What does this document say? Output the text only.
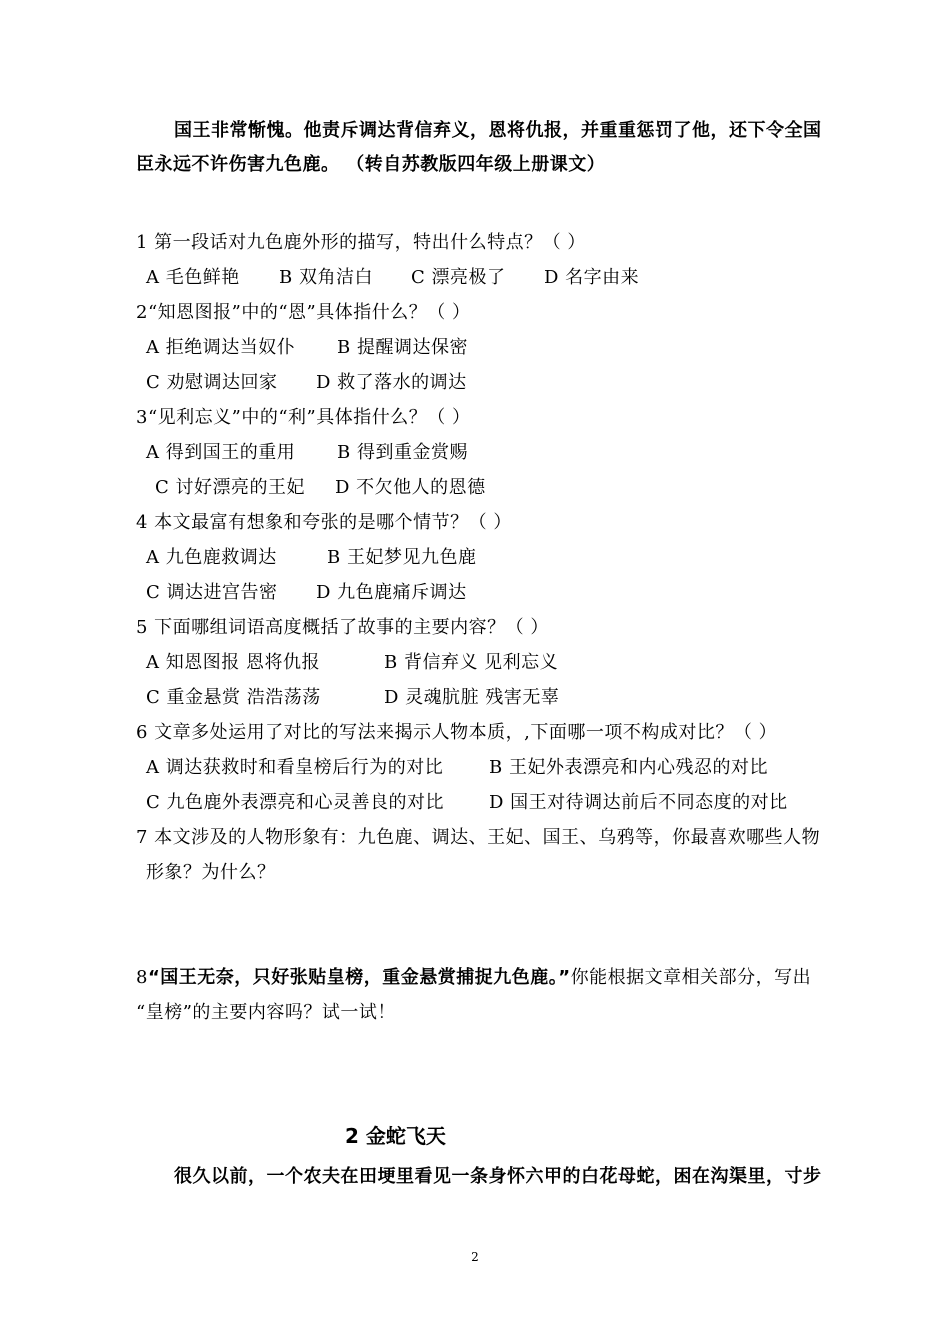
国王非常惭愧。他责斥调达背信弃义，恩将仇报，并重重惩罚了他，还下令全国
臣永远不许伤害九色鹿。 （转自苏教版四年级上册课文）
1 第一段话对九色鹿外形的描写，特出什么特点？（ ）
A 毛色鲜艳 B 双角洁白 C 漂亮极了 D 名字由来
2“知恩图报”中的“恩”具体指什么？（ ）
A 拒绝调达当奴仆 B 提醒调达保密
C 劝慰调达回家 D 救了落水的调达
3“见利忘义”中的“利”具体指什么？（ ）
A 得到国王的重用 B 得到重金赏赐
C 讨好漂亮的王妃 D 不欠他人的恩德
4 本文最富有想象和夸张的是哪个情节？（ ）
A 九色鹿救调达	B 王妃梦见九色鹿
C 调达进宫告密 D 九色鹿痛斥调达
5 下面哪组词语高度概括了故事的主要内容？（ ）
A 知恩图报 恩将仇报	B 背信弃义 见利忘义
C 重金悬赏 浩浩荡荡	D 灵魂肮脏 残害无辜
6 文章多处运用了对比的写法来揭示人物本质，,下面哪一项不构成对比？（ ）
A 调达获救时和看皇榜后行为的对比	B 王妃外表漂亮和内心残忍的对比
C 九色鹿外表漂亮和心灵善良的对比	D 国王对待调达前后不同态度的对比
7 本文涉及的人物形象有：九色鹿、调达、王妃、国王、乌鸦等，你最喜欢哪些人物
形象？为什么？
8“国王无奈，只好张贴皇榜，重金悬赏捕捉九色鹿。”你能根据文章相关部分，写出
“皇榜”的主要内容吗？试一试！
2 金蛇飞天
很久以前，一个农夫在田埂里看见一条身怀六甲的白花母蛇，困在沟渠里，寸步
2
